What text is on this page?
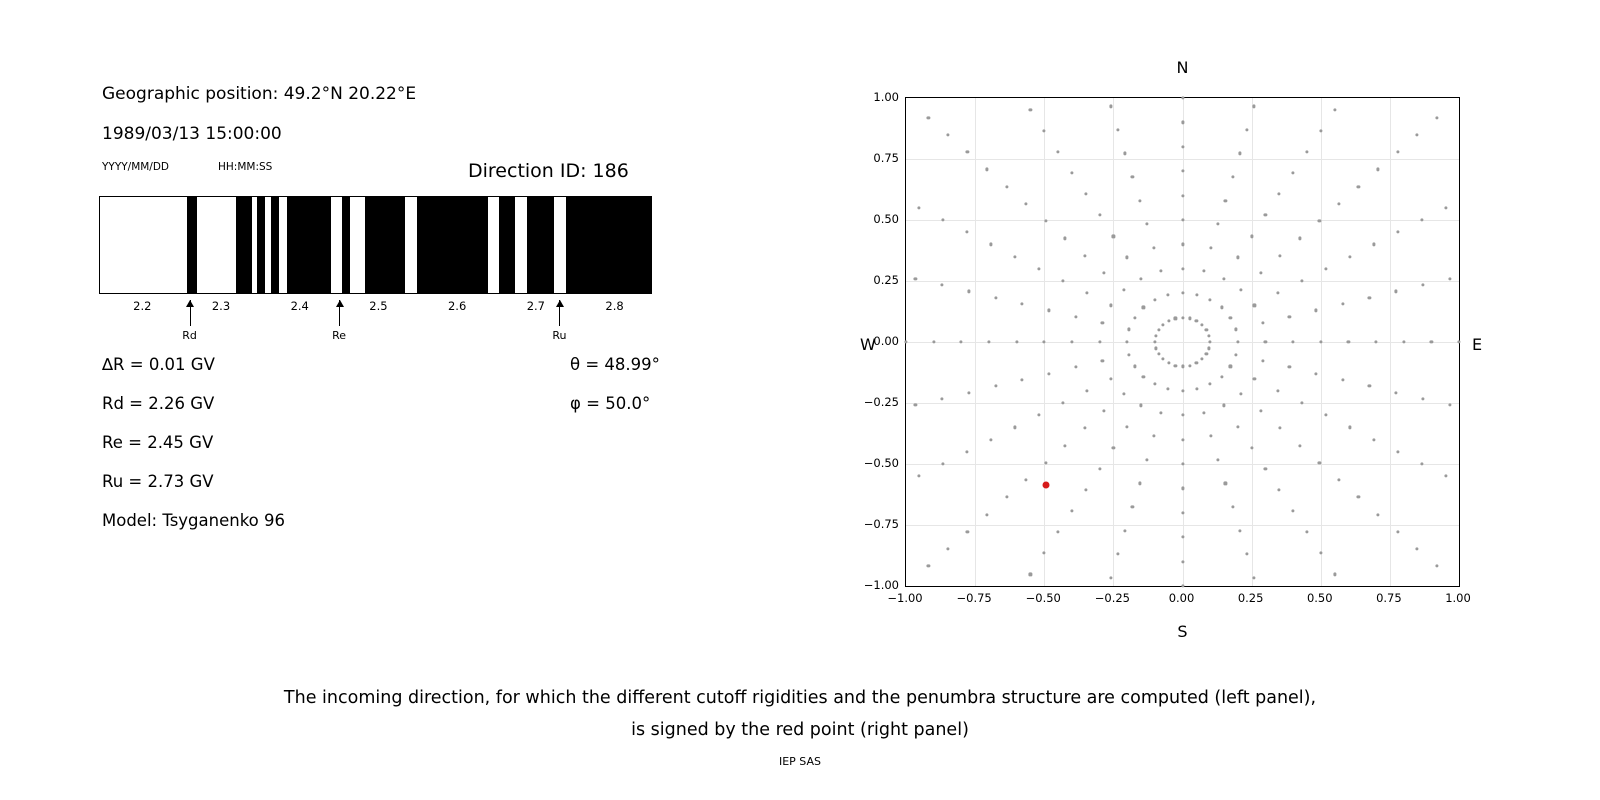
Geographic position: 49.2°N 20.22°E
1989/03/13 15:00:00
YYYY/MM/DD	HH:MM:SS	Direction ID: 186
2.2	2.3	2.4	2.5	2.6	2.7	2.8
Rd	Re	Ru
∆R = 0.01 GV
Rd = 2.26 GV
Re = 2.45 GV
Ru = 2.73 GV
Model: Tsyganenko 96
θ = 48.99°
φ = 50.0°
N
S
W	E
−1.00	−0.75	−0.50	−0.25	0.00	0.25	0.50	0.75	1.00
−1.00
−0.75
−0.50
−0.25
0.00
0.25
0.50
0.75
1.00
The incoming direction, for which the different cutoff rigidities and the penumbra structure are computed (left panel),
is signed by the red point (right panel)
IEP SAS
